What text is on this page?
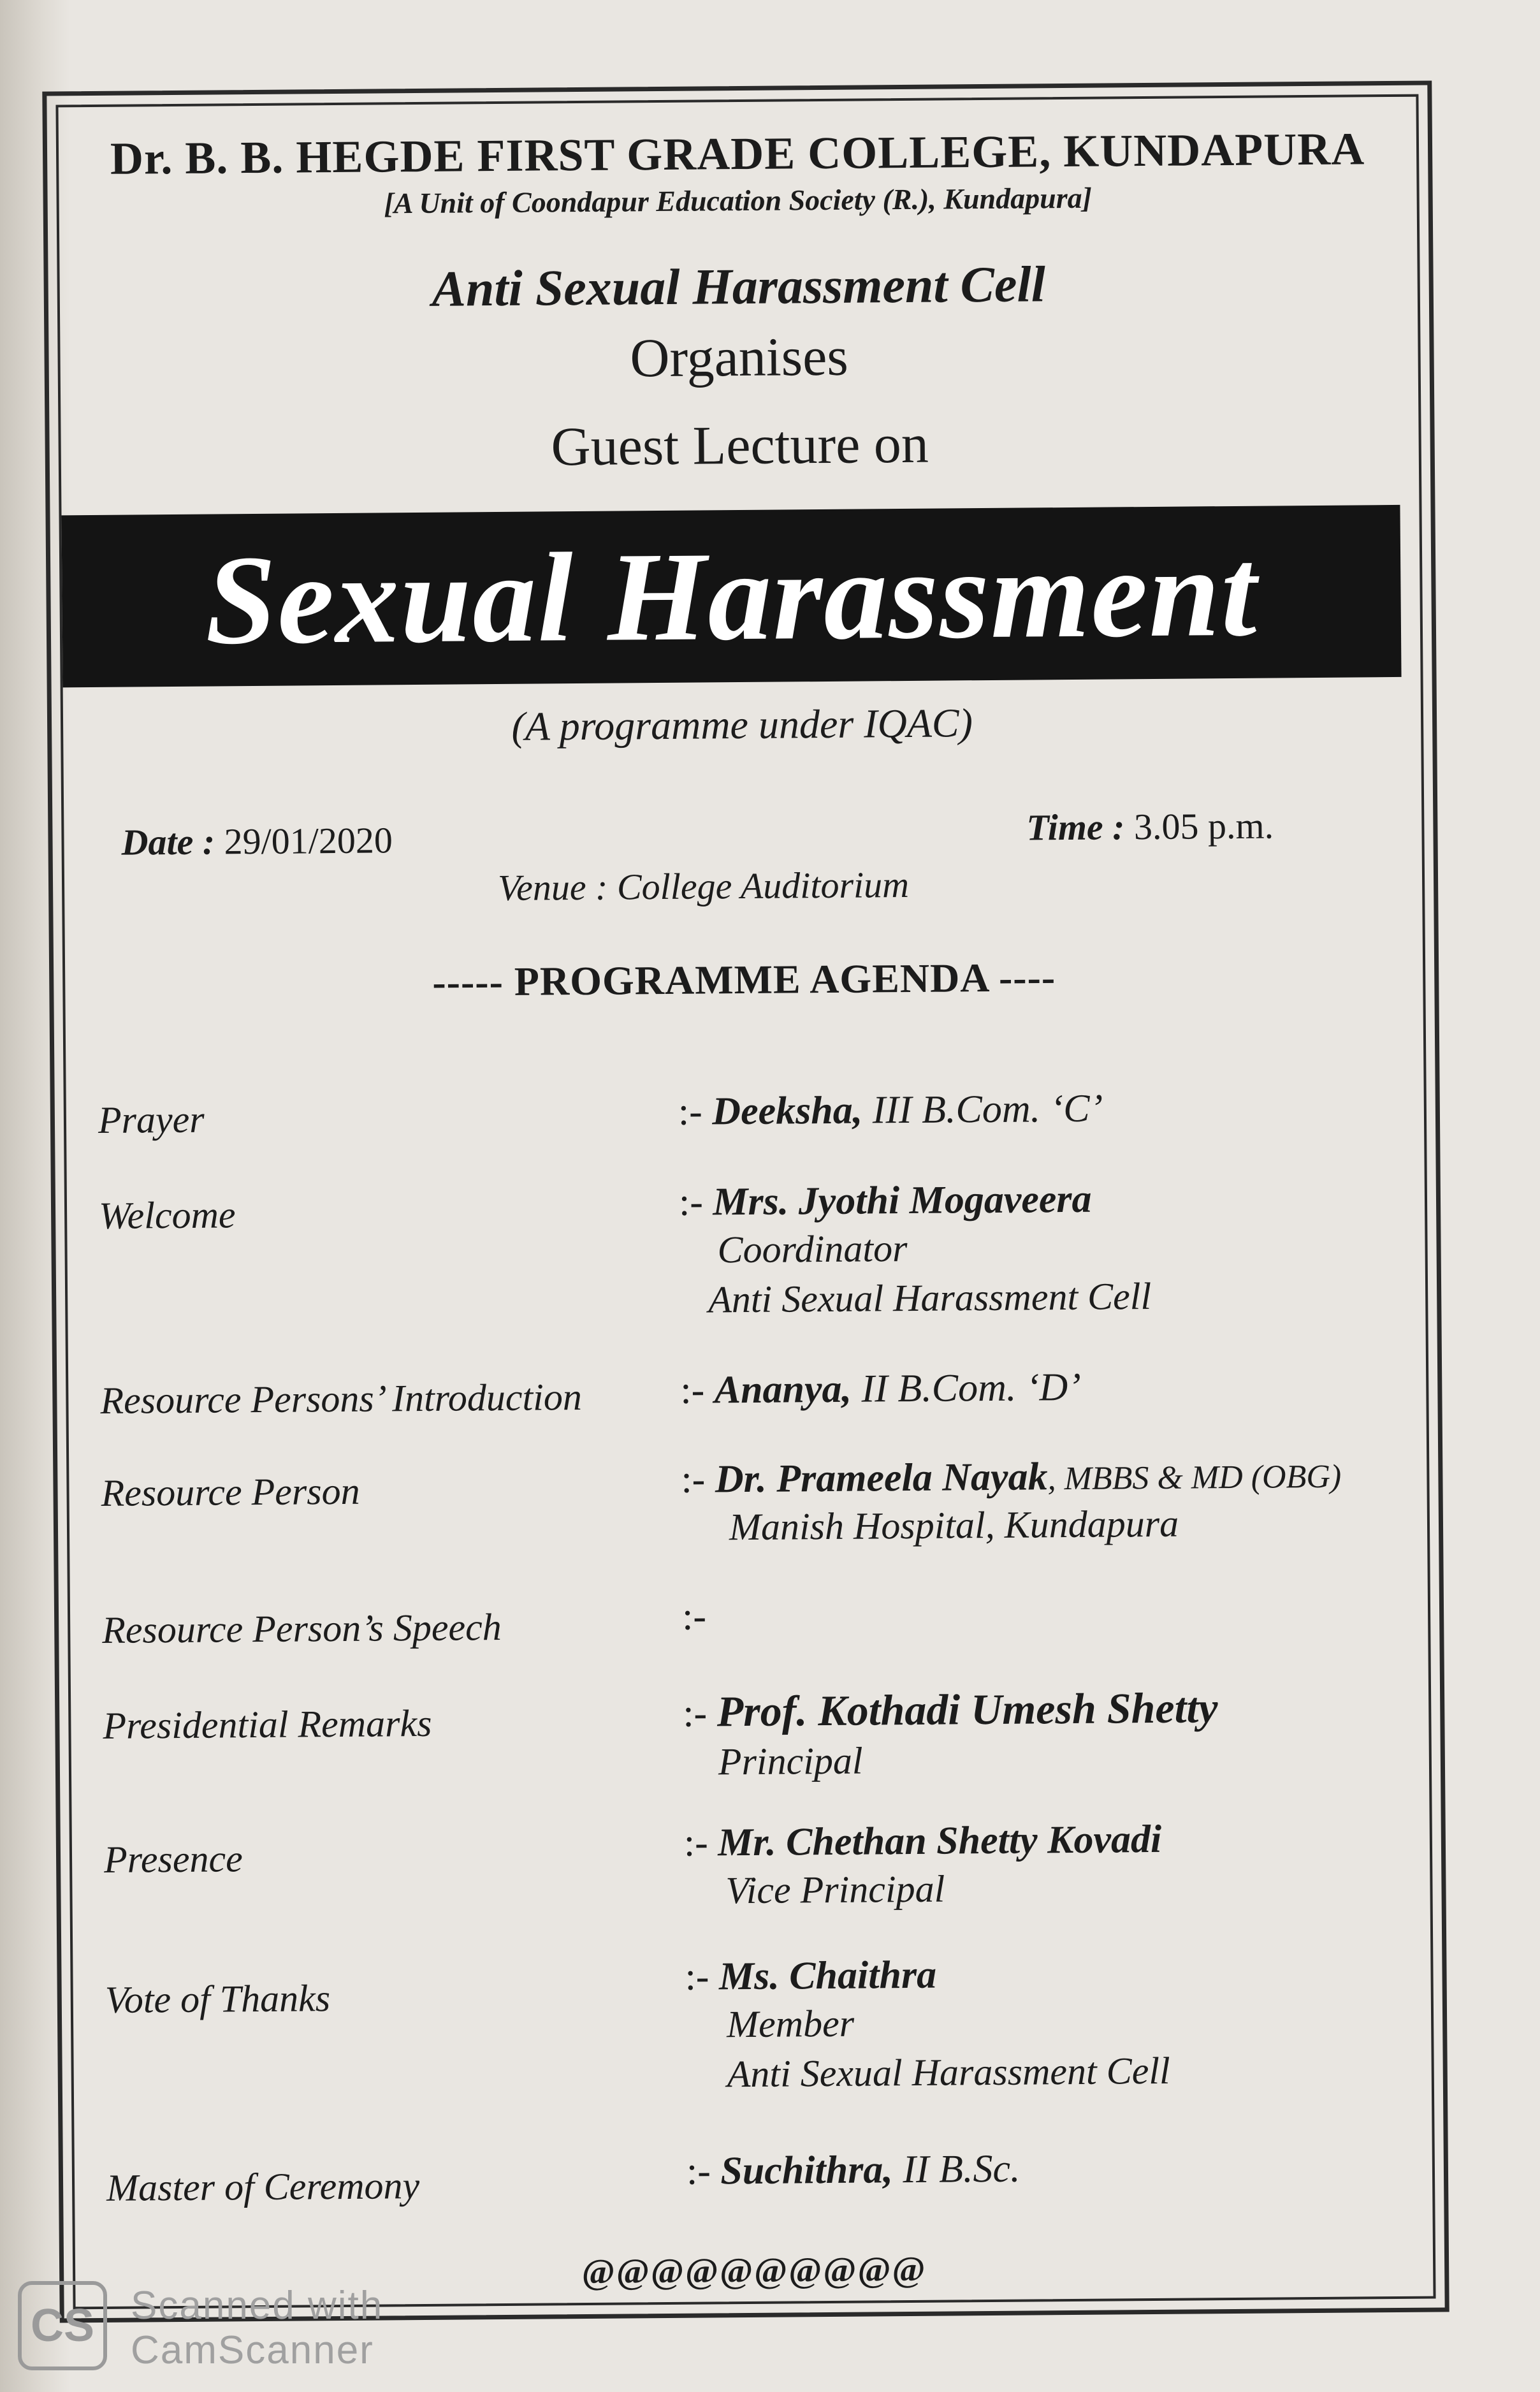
Dr. B. B. HEGDE FIRST GRADE COLLEGE, KUNDAPURA
[A Unit of Coondapur Education Society (R.), Kundapura]
Anti Sexual Harassment Cell
Organises
Guest Lecture on
Sexual Harassment
(A programme under IQAC)
Date : 29/01/2020	Time : 3.05 p.m.
Venue : College Auditorium
----- PROGRAMME AGENDA ----
Prayer	:- Deeksha, III B.Com. ‘C’
Welcome	:- Mrs. Jyothi Mogaveera
Coordinator
Anti Sexual Harassment Cell
Resource Persons’ Introduction :- Ananya, II B.Com. ‘D’
Resource Person	:- Dr. Prameela Nayak, MBBS & MD (OBG)
Manish Hospital, Kundapura
Resource Person’s Speech	:-
Presidential Remarks	:- Prof. Kothadi Umesh Shetty
Principal
Presence	:- Mr. Chethan Shetty Kovadi
Vice Principal
Vote of Thanks
:- Ms. Chaithra
Member
Anti Sexual Harassment Cell
Master of Ceremony	:- Suchithra, II B.Sc.
@@@@@@@@@@
CS Scanned with
CamScanner
